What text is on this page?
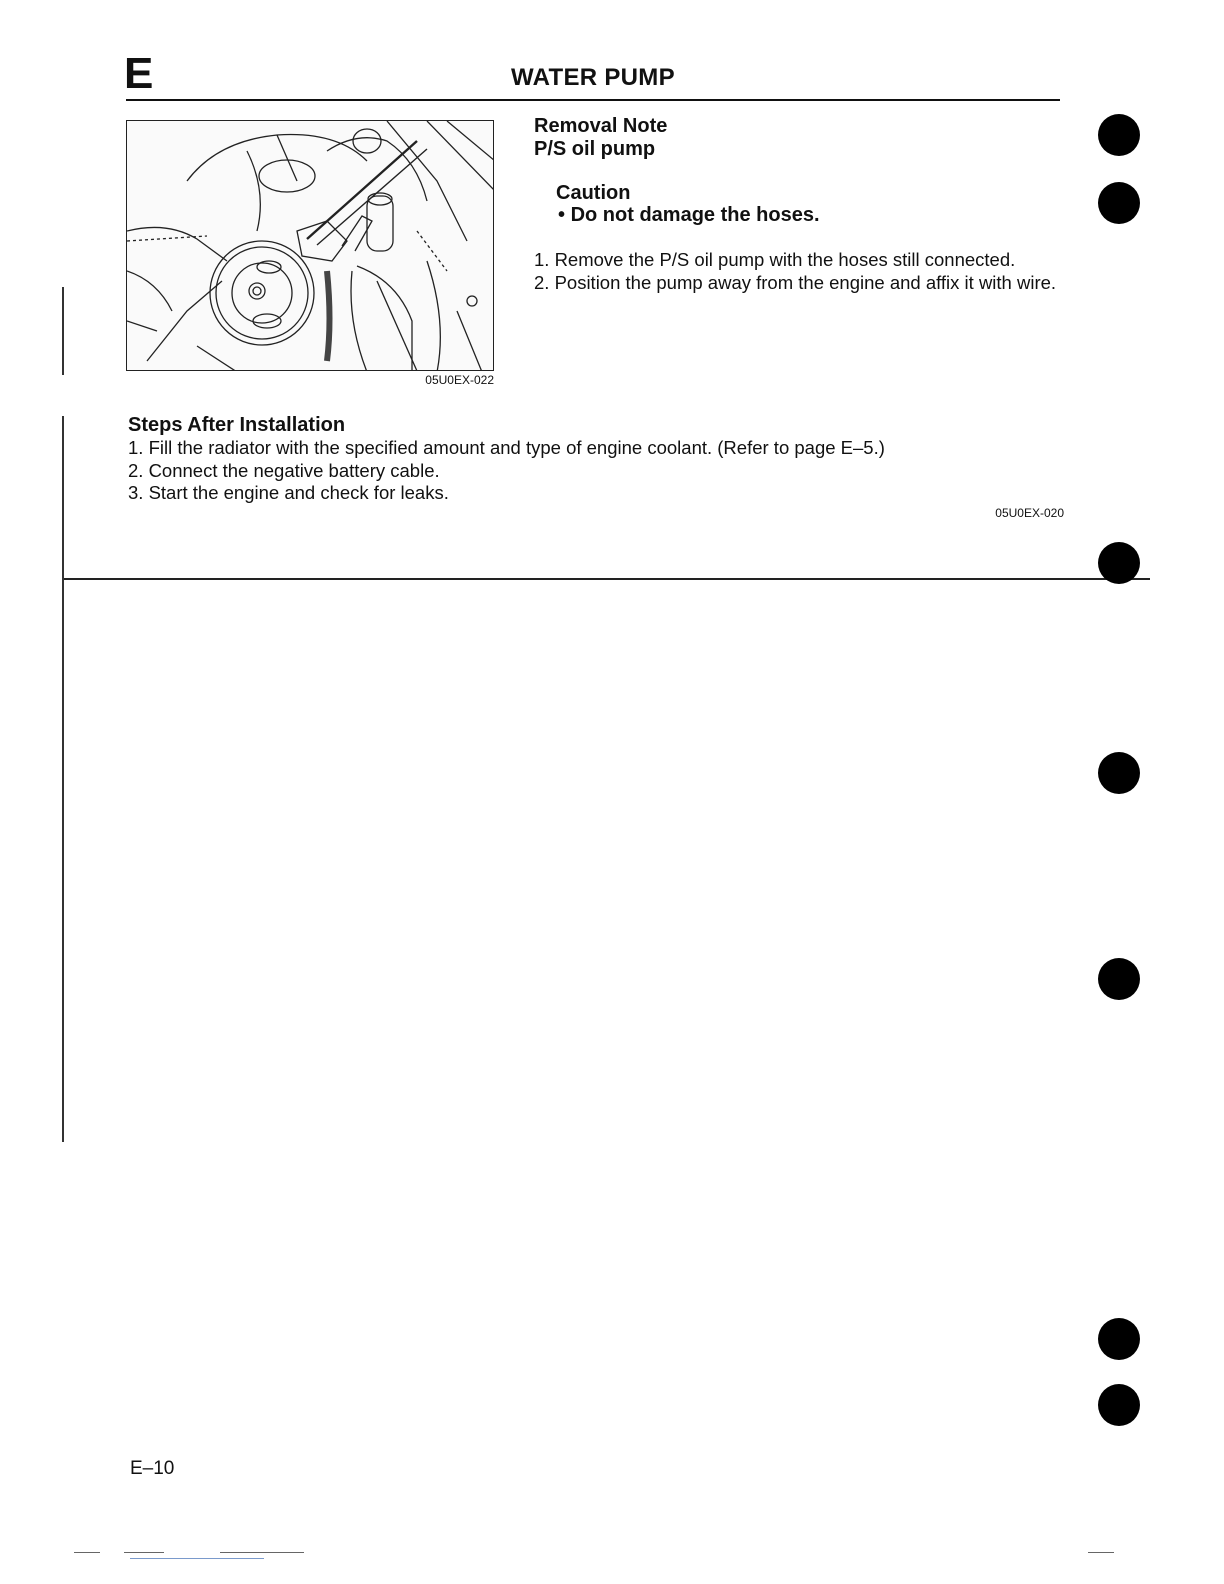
E	WATER PUMP
05U0EX-022
Removal Note
P/S oil pump
Caution
• Do not damage the hoses.
1. Remove the P/S oil pump with the hoses still connected.
2. Position the pump away from the engine and affix it with wire.
Steps After Installation
1. Fill the radiator with the specified amount and type of engine coolant. (Refer to page E–5.)
2. Connect the negative battery cable.
3. Start the engine and check for leaks.
05U0EX-020
E–10
